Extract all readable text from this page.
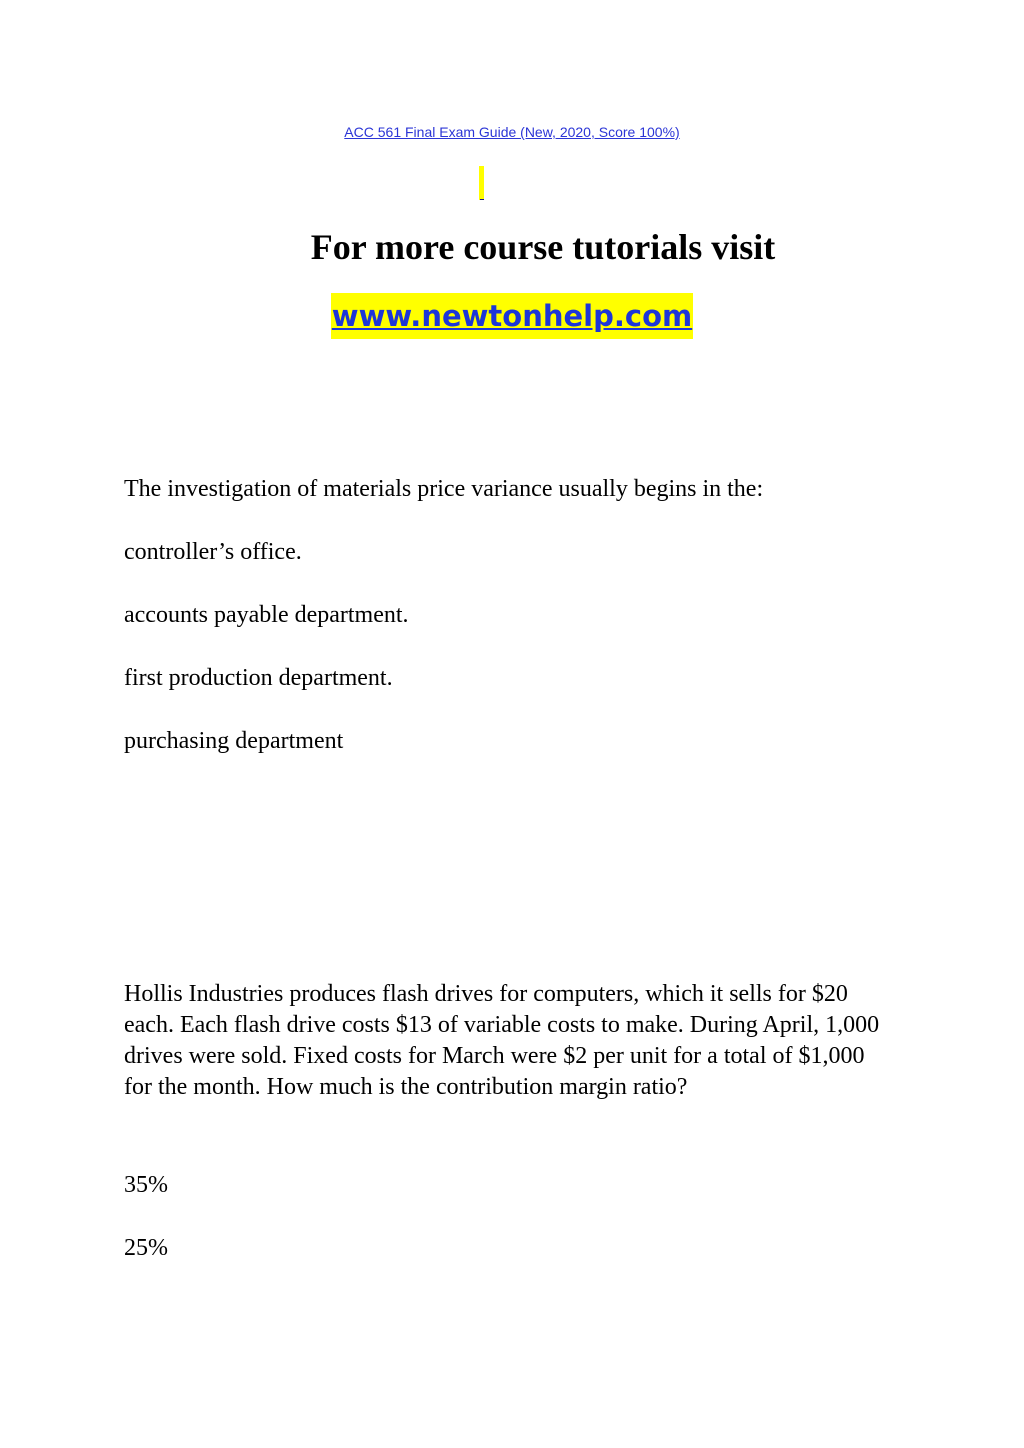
ACC 561 Final Exam Guide (New, 2020, Score 100%)
For more course tutorials visit
www.newtonhelp.com
The investigation of materials price variance usually begins in the:
controller’s office.
accounts payable department.
first production department.
purchasing department
Hollis Industries produces flash drives for computers, which it sells for $20 each. Each flash drive costs $13 of variable costs to make. During April, 1,000 drives were sold. Fixed costs for March were $2 per unit for a total of $1,000 for the month. How much is the contribution margin ratio?
35%
25%
